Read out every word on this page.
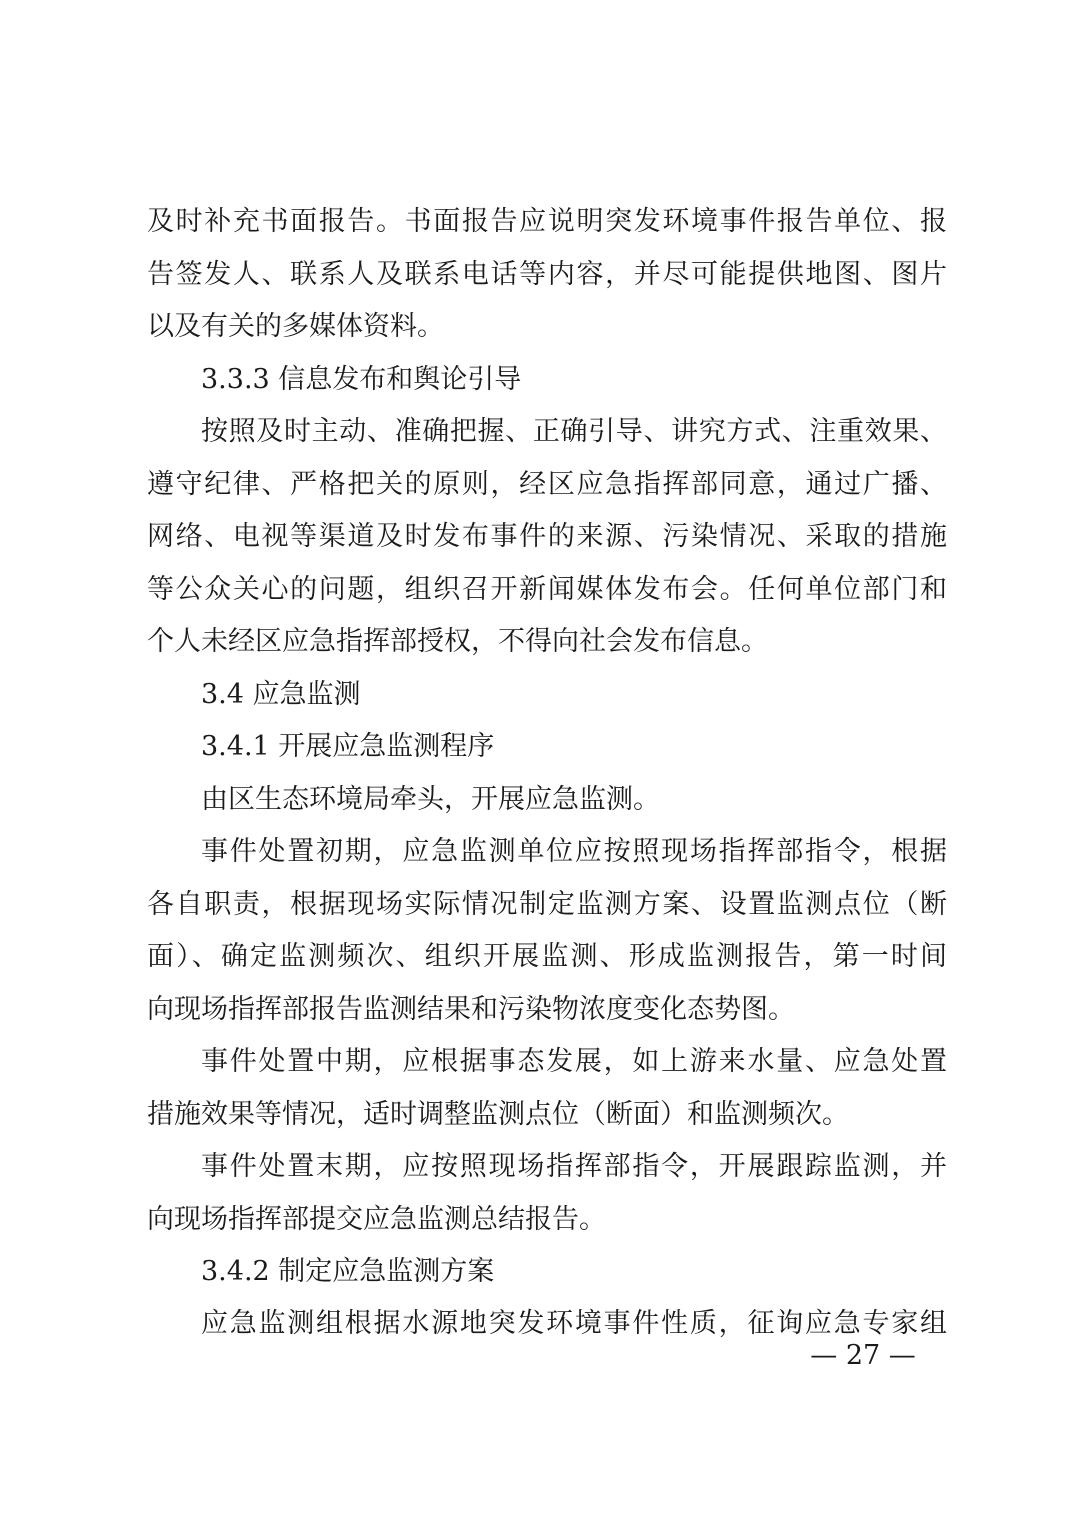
及时补充书面报告。书面报告应说明突发环境事件报告单位、报
告签发人、联系人及联系电话等内容，并尽可能提供地图、图片
以及有关的多媒体资料。
3.3.3 信息发布和舆论引导
按照及时主动、准确把握、正确引导、讲究方式、注重效果、
遵守纪律、严格把关的原则，经区应急指挥部同意，通过广播、
网络、电视等渠道及时发布事件的来源、污染情况、采取的措施
等公众关心的问题，组织召开新闻媒体发布会。任何单位部门和
个人未经区应急指挥部授权，不得向社会发布信息。
3.4 应急监测
3.4.1 开展应急监测程序
由区生态环境局牵头，开展应急监测。
事件处置初期，应急监测单位应按照现场指挥部指令，根据
各自职责，根据现场实际情况制定监测方案、设置监测点位（断
面）、确定监测频次、组织开展监测、形成监测报告，第一时间
向现场指挥部报告监测结果和污染物浓度变化态势图。
事件处置中期，应根据事态发展，如上游来水量、应急处置
措施效果等情况，适时调整监测点位（断面）和监测频次。
事件处置末期，应按照现场指挥部指令，开展跟踪监测，并
向现场指挥部提交应急监测总结报告。
3.4.2 制定应急监测方案
应急监测组根据水源地突发环境事件性质，征询应急专家组
— 27 —
